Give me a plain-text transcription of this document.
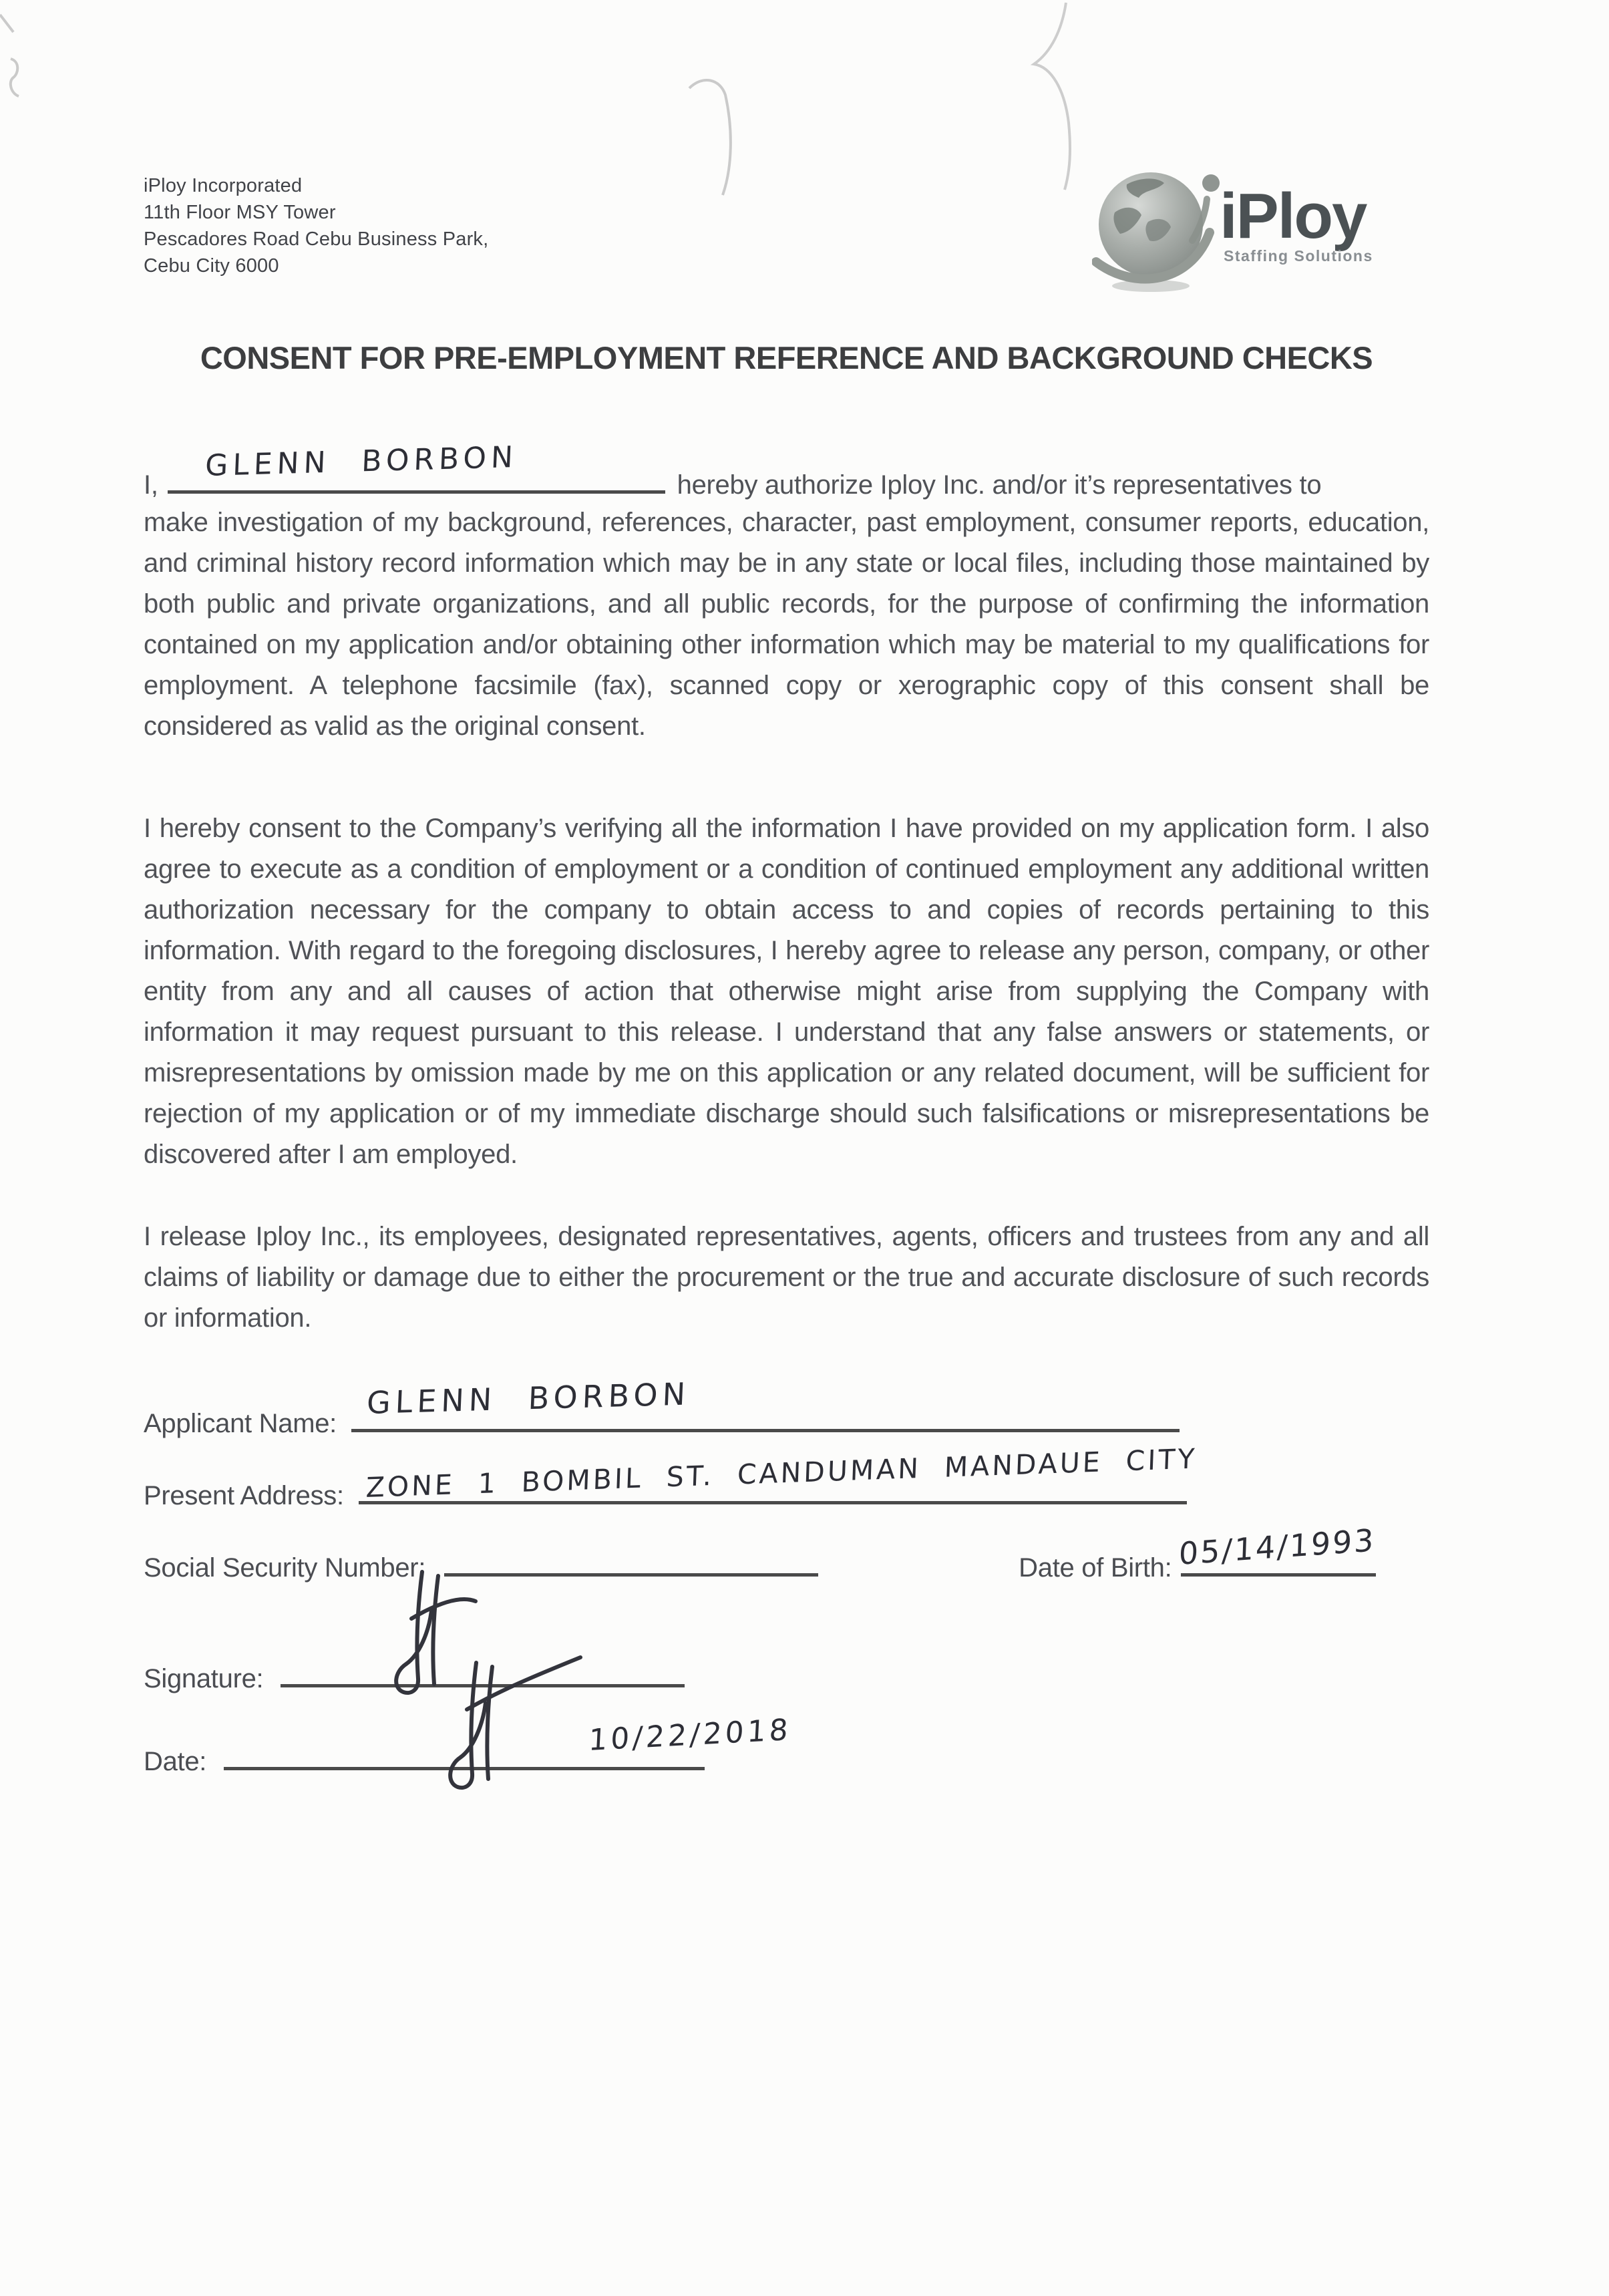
iPloy Incorporated
11th Floor MSY Tower
Pescadores Road Cebu Business Park,
Cebu City 6000
iPloy
Staffing Solutions
CONSENT FOR PRE-EMPLOYMENT REFERENCE AND BACKGROUND CHECKS
I,
GLENN BORBON
hereby authorize Iploy Inc. and/or it’s representatives to
make investigation of my background, references, character, past employment, consumer reports, education, and criminal history record information which may be in any state or local files, including those maintained by both public and private organizations, and all public records, for the purpose of confirming the information contained on my application and/or obtaining other information which may be material to my qualifications for employment. A telephone facsimile (fax), scanned copy or xerographic copy of this consent shall be considered as valid as the original consent.
I hereby consent to the Company’s verifying all the information I have provided on my application form. I also agree to execute as a condition of employment or a condition of continued employment any additional written authorization necessary for the company to obtain access to and copies of records pertaining to this information. With regard to the foregoing disclosures, I hereby agree to release any person, company, or other entity from any and all causes of action that otherwise might arise from supplying the Company with information it may request pursuant to this release. I understand that any false answers or statements, or misrepresentations by omission made by me on this application or any related document, will be sufficient for rejection of my application or of my immediate discharge should such falsifications or misrepresentations be discovered after I am employed.
I release Iploy Inc., its employees, designated representatives, agents, officers and trustees from any and all claims of liability or damage due to either the procurement or the true and accurate disclosure of such records or information.
Applicant Name:
GLENN BORBON
Present Address: ZONE 1 BOMBIL ST. CANDUMAN MANDAUE CITY
Social Security Number:	Date of Birth: 05/14/1993
Signature:
Date:
10/22/2018
